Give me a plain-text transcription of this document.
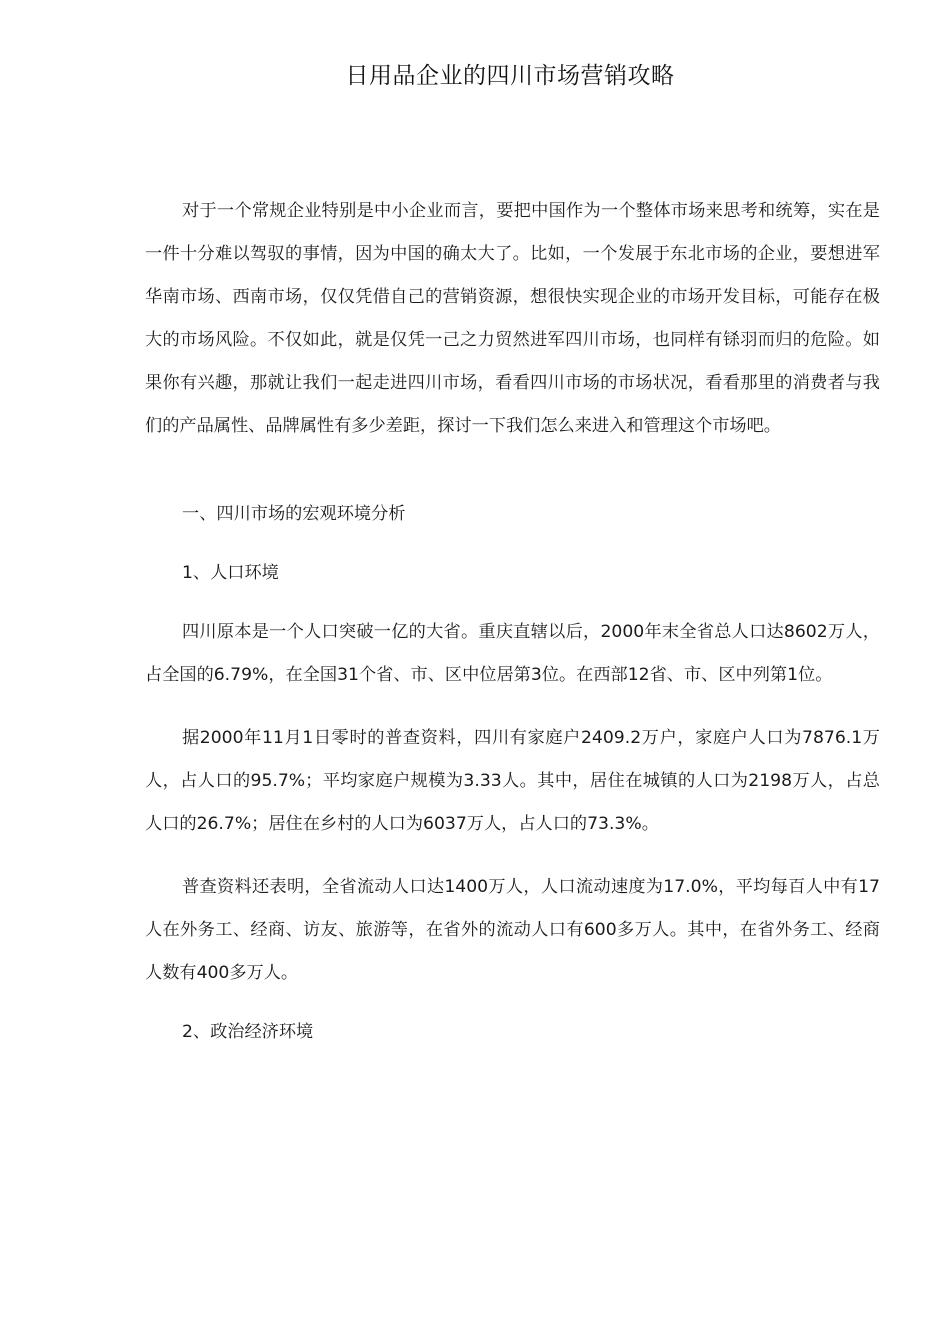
日用品企业的四川市场营销攻略

对于一个常规企业特别是中小企业而言，要把中国作为一个整体市场来思考和统筹，实在是一件十分难以驾驭的事情，因为中国的确太大了。比如，一个发展于东北市场的企业，要想进军华南市场、西南市场，仅仅凭借自己的营销资源，想很快实现企业的市场开发目标，可能存在极大的市场风险。不仅如此，就是仅凭一己之力贸然进军四川市场，也同样有铩羽而归的危险。如果你有兴趣，那就让我们一起走进四川市场，看看四川市场的市场状况，看看那里的消费者与我们的产品属性、品牌属性有多少差距，探讨一下我们怎么来进入和管理这个市场吧。

一、四川市场的宏观环境分析

1、人口环境

四川原本是一个人口突破一亿的大省。重庆直辖以后，2000年末全省总人口达8602万人，占全国的6.79%，在全国31个省、市、区中位居第3位。在西部12省、市、区中列第1位。

据2000年11月1日零时的普查资料，四川有家庭户2409.2万户，家庭户人口为7876.1万人，占人口的95.7%；平均家庭户规模为3.33人。其中，居住在城镇的人口为2198万人，占总人口的26.7%；居住在乡村的人口为6037万人，占人口的73.3%。

普查资料还表明，全省流动人口达1400万人，人口流动速度为17.0%，平均每百人中有17人在外务工、经商、访友、旅游等，在省外的流动人口有600多万人。其中，在省外务工、经商人数有400多万人。

2、政治经济环境
